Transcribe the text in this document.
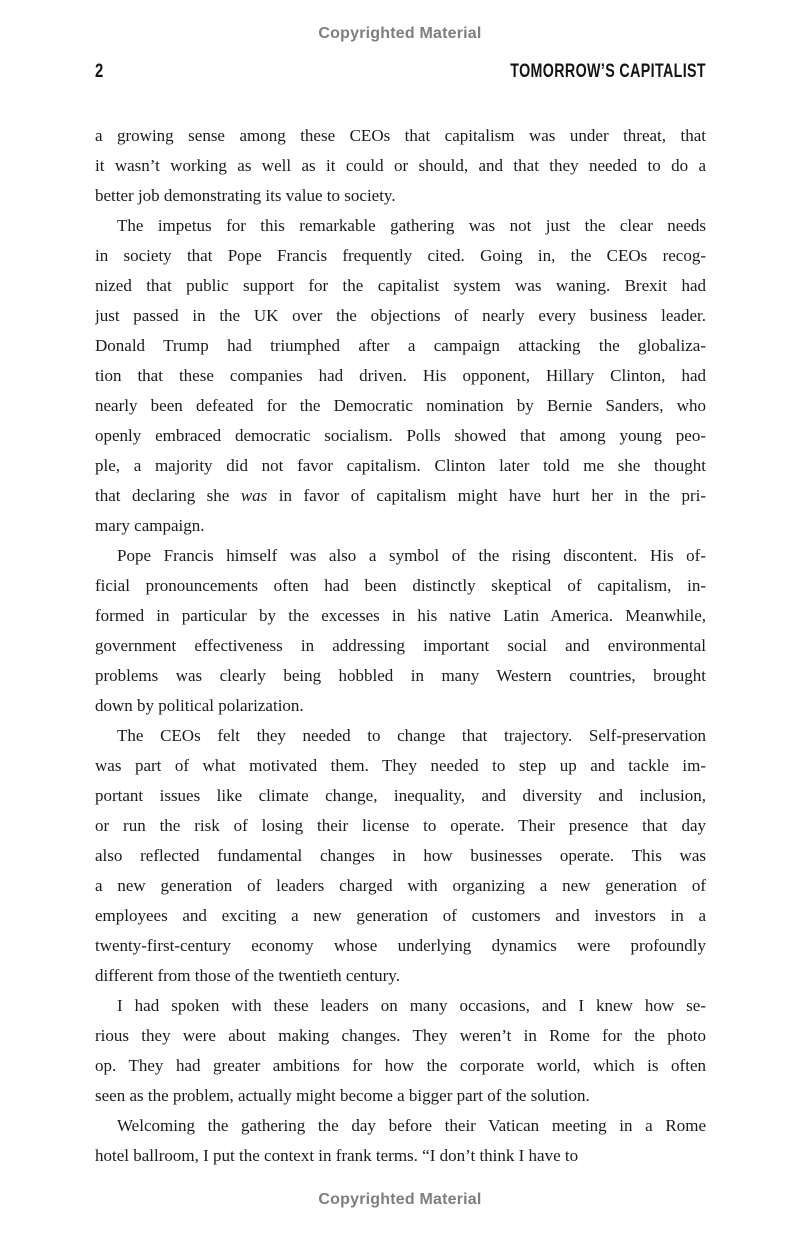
Copyrighted Material
2	TOMORROW’S CAPITALIST
a growing sense among these CEOs that capitalism was under threat, that
it wasn’t working as well as it could or should, and that they needed to do a
better job demonstrating its value to society.
The impetus for this remarkable gathering was not just the clear needs
in society that Pope Francis frequently cited. Going in, the CEOs recog-
nized that public support for the capitalist system was waning. Brexit had
just passed in the UK over the objections of nearly every business leader.
Donald Trump had triumphed after a campaign attacking the globaliza-
tion that these companies had driven. His opponent, Hillary Clinton, had
nearly been defeated for the Democratic nomination by Bernie Sanders, who
openly embraced democratic socialism. Polls showed that among young peo-
ple, a majority did not favor capitalism. Clinton later told me she thought
that declaring she was in favor of capitalism might have hurt her in the pri-
mary campaign.
Pope Francis himself was also a symbol of the rising discontent. His of-
ficial pronouncements often had been distinctly skeptical of capitalism, in-
formed in particular by the excesses in his native Latin America. Meanwhile,
government effectiveness in addressing important social and environmental
problems was clearly being hobbled in many Western countries, brought
down by political polarization.
The CEOs felt they needed to change that trajectory. Self-preservation
was part of what motivated them. They needed to step up and tackle im-
portant issues like climate change, inequality, and diversity and inclusion,
or run the risk of losing their license to operate. Their presence that day
also reflected fundamental changes in how businesses operate. This was
a new generation of leaders charged with organizing a new generation of
employees and exciting a new generation of customers and investors in a
twenty-first-century economy whose underlying dynamics were profoundly
different from those of the twentieth century.
I had spoken with these leaders on many occasions, and I knew how se-
rious they were about making changes. They weren’t in Rome for the photo
op. They had greater ambitions for how the corporate world, which is often
seen as the problem, actually might become a bigger part of the solution.
Welcoming the gathering the day before their Vatican meeting in a Rome
hotel ballroom, I put the context in frank terms. “I don’t think I have to
Copyrighted Material
